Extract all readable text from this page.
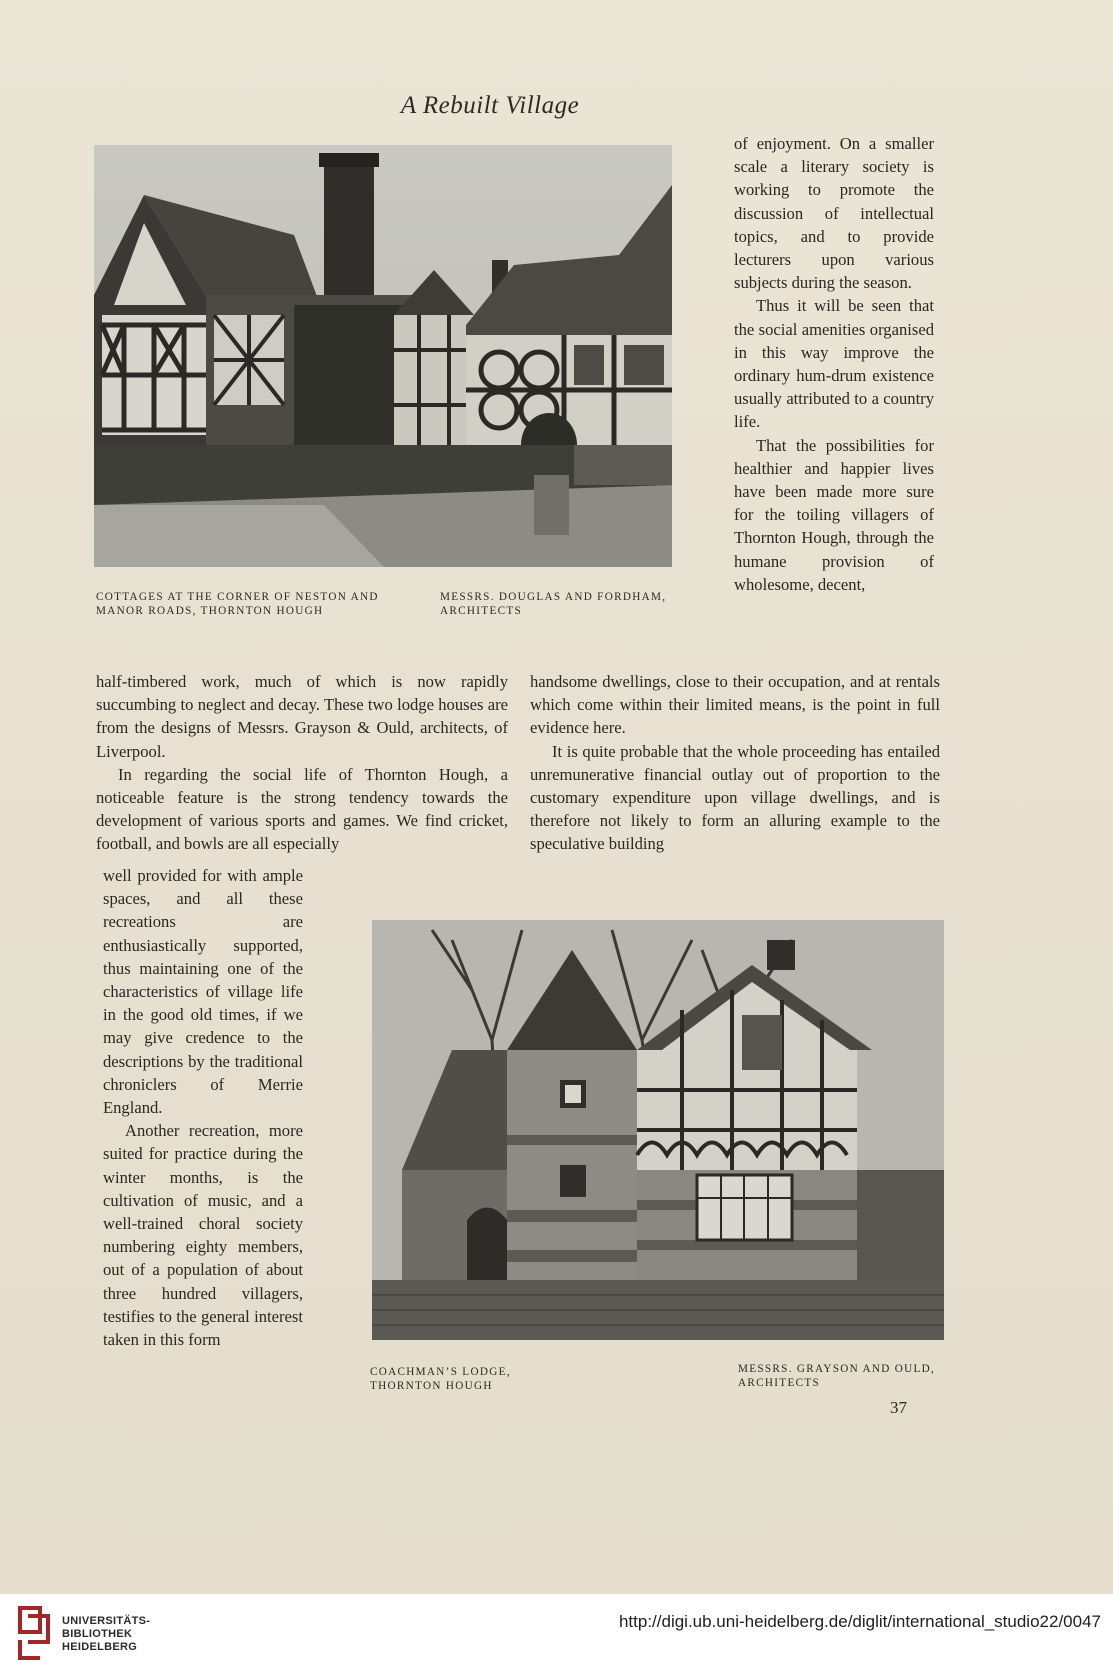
A Rebuilt Village
COTTAGES AT THE CORNER OF NESTON AND
MANOR ROADS, THORNTON HOUGH
MESSRS. DOUGLAS AND FORDHAM,
ARCHITECTS

of enjoyment. On a smaller scale a literary society is working to promote the discussion of intellectual topics, and to provide lecturers upon various subjects during the season.

Thus it will be seen that the social amenities organised in this way improve the ordinary hum-drum existence usually attributed to a country life.

That the possibilities for healthier and happier lives have been made more sure for the toiling villagers of Thornton Hough, through the humane provision of wholesome, decent,

half-timbered work, much of which is now rapidly succumbing to neglect and decay. These two lodge houses are from the designs of Messrs. Grayson & Ould, architects, of Liverpool.

In regarding the social life of Thornton Hough, a noticeable feature is the strong tendency towards the development of various sports and games. We find cricket, football, and bowls are all especially

handsome dwellings, close to their occupation, and at rentals which come within their limited means, is the point in full evidence here.

It is quite probable that the whole proceeding has entailed unremunerative financial outlay out of proportion to the customary expenditure upon village dwellings, and is therefore not likely to form an alluring example to the speculative building

well provided for with ample spaces, and all these recreations are enthusiastically supported, thus maintaining one of the characteristics of village life in the good old times, if we may give credence to the descriptions by the traditional chroniclers of Merrie England.

Another recreation, more suited for practice during the winter months, is the cultivation of music, and a well-trained choral society numbering eighty members, out of a population of about three hundred villagers, testifies to the general interest taken in this form

COACHMAN’S LODGE,
THORNTON HOUGH
MESSRS. GRAYSON AND OULD,
ARCHITECTS
37
UNIVERSITÄTS-
BIBLIOTHEK
HEIDELBERG
http://digi.ub.uni-heidelberg.de/diglit/international_studio22/0047
